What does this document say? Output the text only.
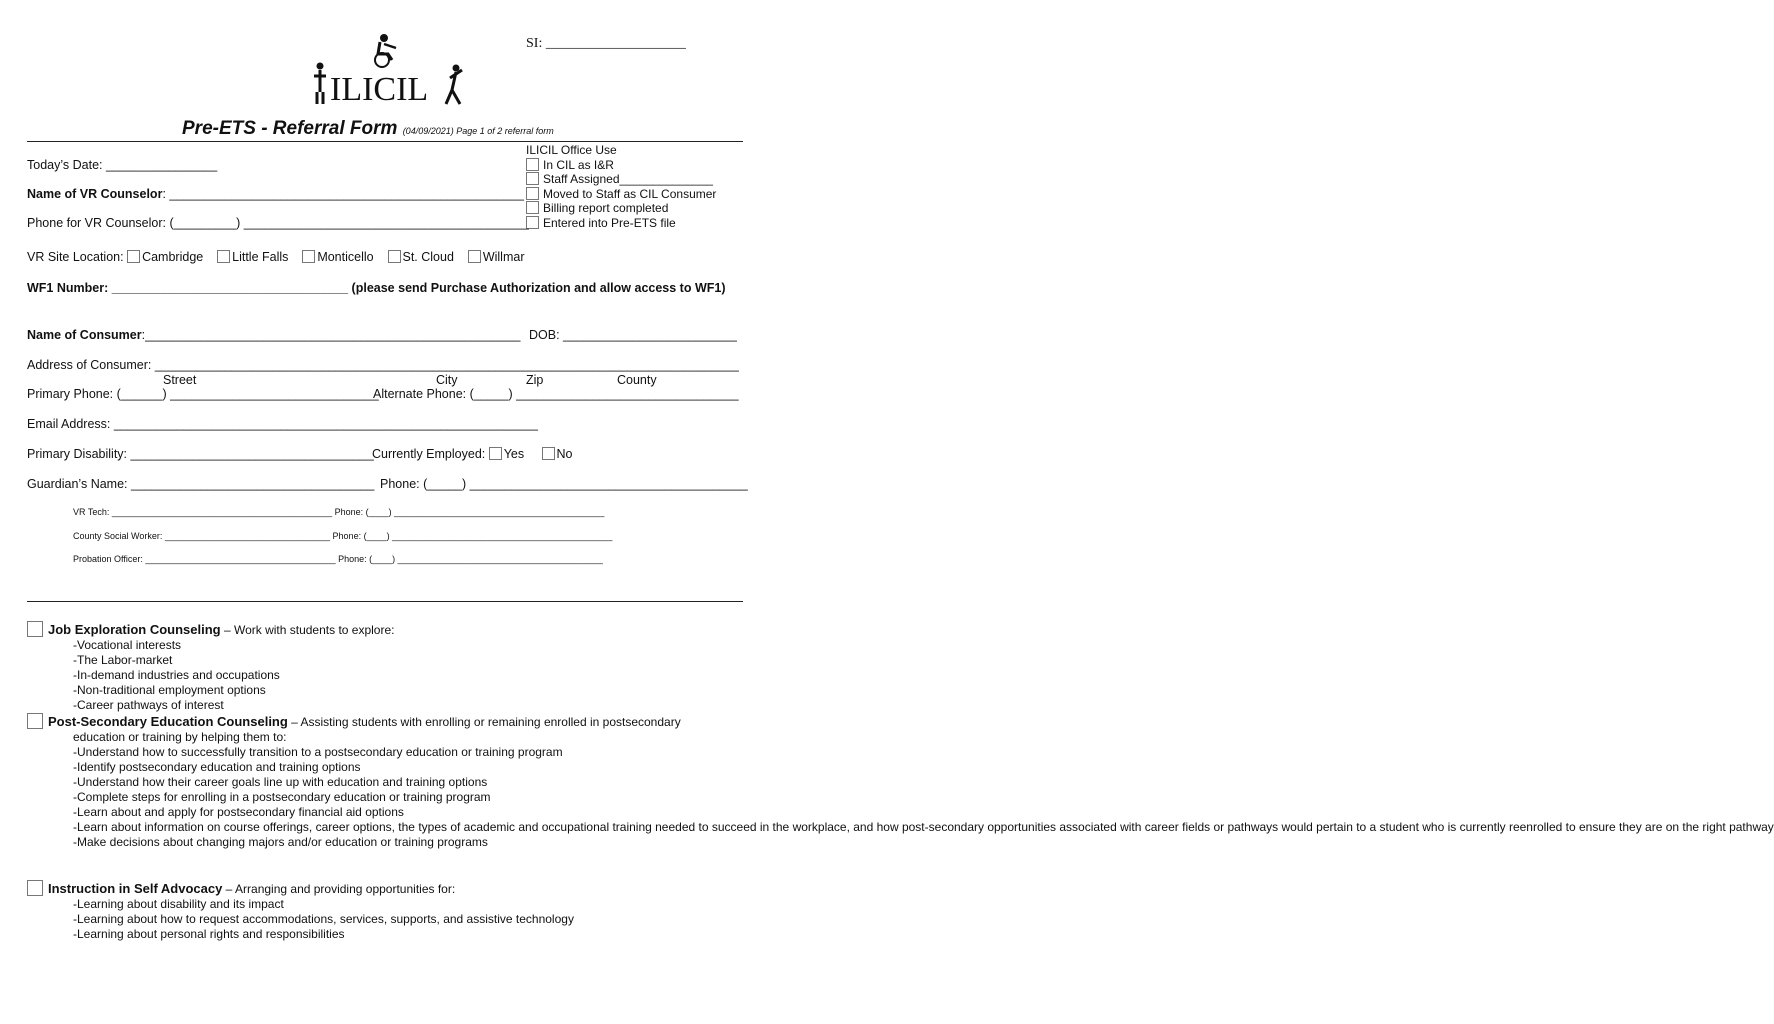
SI: ____________________
ILICIL
Pre-ETS - Referral Form (04/09/2021) Page 1 of 2 referral form
ILICIL Office Use
In CIL as I&R
Staff Assigned______________
Moved to Staff as CIL Consumer
Billing report completed
Entered into Pre-ETS file
Today’s Date: ________________
Name of VR Counselor: ___________________________________________________
Phone for VR Counselor: (_________) _________________________________________
VR Site Location: Cambridge Little Falls Monticello St. Cloud Willmar
WF1 Number: __________________________________ (please send Purchase Authorization and allow access to WF1)
Name of Consumer:______________________________________________________ DOB: _________________________
Address of Consumer: ____________________________________________________________________________________
Street	City	Zip	County
Primary Phone: (______) ______________________________
Alternate Phone: (_____) ________________________________
Email Address: _____________________________________________________________
Primary Disability: ___________________________________
Currently Employed: Yes	No
Guardian’s Name: ___________________________________ Phone: (_____) ________________________________________
VR Tech: ____________________________________________ Phone: (____) __________________________________________
County Social Worker: _________________________________ Phone: (____) ____________________________________________
Probation Officer: ______________________________________ Phone: (____) _________________________________________
Job Exploration Counseling – Work with students to explore:
-Vocational interests
-The Labor-market
-In-demand industries and occupations
-Non-traditional employment options
-Career pathways of interest
Post-Secondary Education Counseling – Assisting students with enrolling or remaining enrolled in postsecondary
education or training by helping them to:
-Understand how to successfully transition to a postsecondary education or training program
-Identify postsecondary education and training options
-Understand how their career goals line up with education and training options
-Complete steps for enrolling in a postsecondary education or training program
-Learn about and apply for postsecondary financial aid options
-Learn about information on course offerings, career options, the types of academic and occupational training needed to succeed in the workplace, and how post-secondary opportunities associated with career fields or pathways would pertain to a student who is currently reenrolled to ensure they are on the right pathway
-Make decisions about changing majors and/or education or training programs
Instruction in Self Advocacy – Arranging and providing opportunities for:
-Learning about disability and its impact
-Learning about how to request accommodations, services, supports, and assistive technology
-Learning about personal rights and responsibilities
